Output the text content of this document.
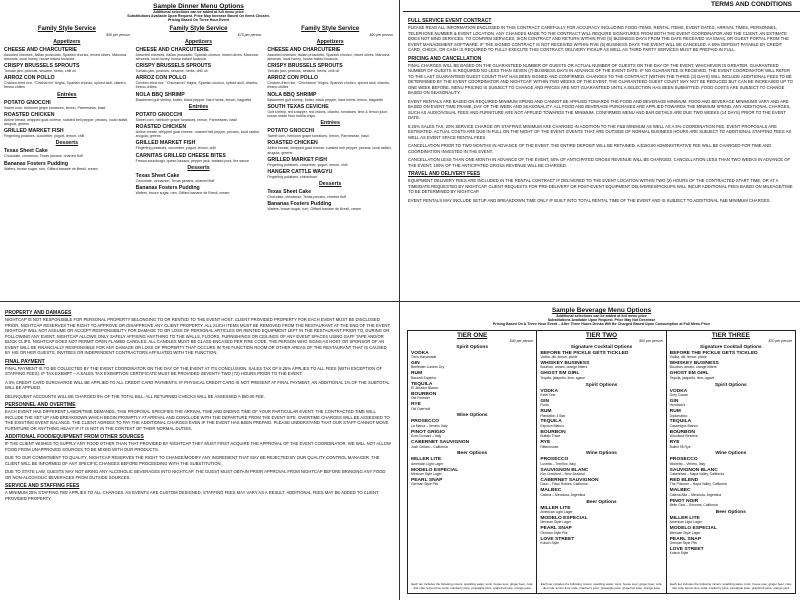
Sample Dinner Menu Options
Additional selections can be added at full menu price
Substitutions Available Upon Request. Price May Increase Based On Items Chosen.
Pricing Based On Three Hour Event
Family Style Service
$50 per person
Appetizers
CHEESE AND CHARCUTERIE
Assorted cheeses, Italian prosciutto, Spanish chorizo, mixed olives, Marcona almonds, local honey, house baked focaccia
CRISPY BRUSSELS SPROUTS
Tomato jam, peanuts, sesame, herbs, chili oil
ARROZ CON POLLO
Chicken-fried rice, "Chicharron" thighs, Spanish chorizo, spiced aioli, cilantro, fresno chilies
Entrées
POTATO GNOCCHI
Sweet corn, heirloom grape tomatoes, lemon, Parmesean, basil
ROASTED CHICKEN
Airline breast, whipped goat cheese, roasted bell pepper, pecans, local radish, arugula, greens
GRILLED MARKET FISH
Fingerling potatoes, cucumber, yogurt, lemon, chili
Desserts
Texas Sheet Cake
Chocolate, cinnamon, Texas pecans, charred fluff
Bananas Fosters Pudding
Wafers, brown sugar, rum, Giffard banane de Bresil, cream
Family Style Service
$75 per person
Appetizers
CHEESE AND CHARCUTERIE
Assorted cheeses, Italian prosciutto, Spanish chorizo, mixed olives, Marcona almonds, local honey, house baked focaccia
CRISPY BRUSSELS SPROUTS
Tomato jam, peanuts, sesame, herbs, chili oil
ARROZ CON POLLO
Chicken-fried rice, "Chicharron" thighs, Spanish chorizo, spiced aioli, cilantro, fresno chilies
NOLA BBQ SHRIMP
Blackened gulf shrimp, butter, black pepper, hard herbs, lemon, baguette
Entrées
POTATO GNOCCHI
Sweet corn, heirloom grape tomatoes, lemon, Parmesean, basil
ROASTED CHICKEN
Airline breast, whipped goat cheese, roasted bell pepper, pecans, local radish, arugula, greens
GRILLED MARKET FISH
Fingerling potatoes, cucumber, yogurt, lemon, chili
CARNITAS GRILLED CHEESE BITES
Fresca sourdough, queso oaxaca, pepper jack, braised pork, fire sauce
Desserts
Texas Sheet Cake
Chocolate, cinnamon, Texas pecans, charred fluff
Bananas Fosters Pudding
Wafers, brown sugar, rum, Giffard banane de Bresil, cream
Family Style Service
$90 per person
Appetizers
CHEESE AND CHARCUTERIE
Assorted cheeses, Italian prosciutto, Spanish chorizo, mixed olives, Marcona almonds, local honey, house baked focaccia
CRISPY BRUSSELS SPROUTS
Tomato jam, peanuts, sesame, herbs, chili oil
ARROZ CON POLLO
Chicken-fried rice, "Chicharron" thighs, Spanish chorizo, spiced aioli, cilantro, fresno chilies
NOLA BBQ SHRIMP
Blackened gulf shrimp, butter, black pepper, hard herbs, lemon, baguette
SOUTH TEXAS CEVICHE
Gulf shrimp, red snapper, red onions, cilantro, tomatoes, lime & lemon juice, house made flour tortilla chips
Entrées
POTATO GNOCCHI
Sweet corn, heirloom grape tomatoes, lemon, Parmesean, basil
ROASTED CHICKEN
Airline breast, whipped goat cheese, roasted bell pepper, pecans, local radish, arugula, greens
GRILLED MARKET FISH
Fingerling potatoes, cucumber, yogurt, lemon, chili
HANGER CATTLE WAGYU
Fingerling potatoes, chimichurri
Desserts
Texas Sheet Cake
Chocolate, cinnamon, Texas pecans, charred fluff
Bananas Fosters Pudding
Wafers, brown sugar, rum, Giffard banane de Bresil, cream
TERMS AND CONDITIONS
FULL SERVICE EVENT CONTRACT

PLEASE READ ALL INFORMATION ENCLOSED IN THIS CONTRACT CAREFULLY FOR ACCURACY INCLUDING FOOD ITEMS, RENTAL ITEMS, EVENT DATES, ARRIVAL TIMES, PERSONNEL, TELEPHONE NUMBER & EVENT LOCATION. ANY CHANGES MADE TO THE CONTRACT WILL REQUIRE SIGNATURES FROM BOTH THE EVENT COORDINATOR AND THE CLIENT. AN ESTIMATE DOES NOT BIND SERVICES. TO CONFIRM SERVICES, SIGN CONTRACT AND RETURN WITHIN FIVE (5) BUSINESS DAYS FROM THE DATE RECEIVED VIA EMAIL OR GUEST PORTAL FROM THE EVENT MANAGEMENT SOFTWARE. IF THE SIGNED CONTRACT IS NOT RECEIVED WITHIN FIVE (5) BUSINESS DAYS THE EVENT WILL BE CANCELED. A 50% DEPOSIT PAYABLE BY CREDIT CARD, CHECK, OR CASH IS REQUIRED TO FULLY EXECUTE THIS CONTRACT. DELIVERY PICKUP AS WELL AS THIRD PARTY SERVICES MUST BE PREPAID IN FULL.

PRICING AND CANCELLATION

FINAL CHARGES WILL BE BASED ON THE GUARANTEED NUMBER OF GUESTS OR ACTUAL NUMBER OF GUESTS ON THE DAY OF THE EVENT, WHICHEVER IS GREATER. GUARANTEED NUMBER OF GUESTS IS REQUIRED NO LESS THAN SEVEN (7) BUSINESS DAYS IN ADVANCE OF THE EVENT DATE. IF NO GUARANTEE IS RECEIVED, THE EVENT COORDINATOR WILL REFER TO THE LAST GUARANTEED GUEST COUNT THAT HAS BEEN SIGNED AND CONFIRMED. CHANGES TO THE CONTRACT (WITHIN THE THREE (3) DAYS) WILL INCLUDE ADDITIONAL FEES TO BE DETERMINED BY THE EVENT COORDINATOR AND NIGHTCAP. WITHIN TWO WEEKS OF THE EVENT, THE GUARANTEED GUEST COUNT MAY NOT BE REDUCED BUT CAN BE INCREASED UP TO ONE WEEK BEFORE. MENU PRICING IS SUBJECT TO CHANGE AND PRICES ARE NOT GUARANTEED UNTIL A SELECTION HAS BEEN SUBMITTED. FOOD COSTS ARE SUBJECT TO CHANGE BASED ON SEASONALITY.

EVENT RENTALS ARE BASED ON REQUIRED MINIMUM SPEND AND CANNOT BE APPLIED TOWARDS THE FOOD AND BEVERAGE MINIMUM. FOOD AND BEVERAGE MINIMUMS VARY AND ARE BASED ON EVENT TIME FRAME, DAY OF THE WEEK AND SEASONALITY. ALL FOOD AND BEVERAGE PURCHASES ARE APPLIED TOWARDS THE MINIMUM SPEND. ANY ADDITIONAL CHARGES, SUCH AS AUDIO/VISUAL FEES AND FURNITURE ARE NOT APPLIED TOWARDS THE MINIMUM. CONFIRMED MENU AND BAR DETAILS ARE DUE TWO WEEKS (14 DAYS) PRIOR TO THE EVENT DATE.

8.25% SALES TAX, 20% SERVICE CHARGE OR STAFFING MINIMUM ARE CHARGED IN ADDITION TO THE F&B MINIMUM AS WELL AS A 5% COORDINATION FEE. EVENT PROPOSALS ARE ESTIMATED. ACTUAL COSTS ARE DUE IN FULL ON THE NIGHT OF THE EVENT. EVENTS THAT ARE OUTSIDE OF NORMAL BUSINESS HOURS ARE SUBJECT TO ADDITIONAL STAFFING FEES AS WELL AS EVENT SPACE RENTAL FEES.

CANCELLATION PRIOR TO TWO MONTHS IN ADVANCE OF THE EVENT, THE ENTIRE DEPOSIT WILL BE RETAINED. A $150.00 ADMINISTRATIVE FEE WILL BE CHARGED FOR TIME AND COORDINATION INVESTED IN THE EVENT.

CANCELLATION LESS THAN ONE MONTH IN ADVANCE OF THE EVENT, 50% OF ANTICIPATED GROSS REVENUE WILL BE CHARGED. CANCELLATION LESS THAN TWO WEEKS IN ADVANCE OF THE EVENT, 100% OF THE ANTICIPATED GROSS REVENUE WILL BE CHARGED.

TRAVEL AND DELIVERY FEES

EQUIPMENT DELIVERY FEES ARE INCLUDED IN THE RENTAL CONTRACT IF DELIVERED TO THE EVENT LOCATION WITHIN TWO (2) HOURS OF THE CONTRACTED START TIME, OR AT A TIME/DATE REQUESTED BY NIGHTCAP. CLIENT REQUESTS FOR PRE-DELIVERY OR POST-EVENT EQUIPMENT DELIVERIES/PICKUPS WILL INCUR ADDITIONAL FEES BASED ON MILEAGE/TIME TO BE DETERMINED BY NIGHTCAP.

EVENT RENTALS MAY INCLUDE SETUP AND BREAKDOWN TIME ONLY IF BUILT INTO TOTAL RENTAL TIME OF THE EVENT AND IS SUBJECT TO ADDITIONAL F&B MINIMUM CHARGES.

PROPERTY AND DAMAGES

NIGHTCAP IS NOT RESPONSIBLE FOR PERSONAL PROPERTY BELONGING TO OR RENTED TO THE EVENT HOST. CLIENT PROVIDED PROPERTY FOR EACH EVENT MUST BE DISCLOSED PRIOR. NIGHTCAP RESERVES THE RIGHT TO APPROVE OR DISAPPROVE ANY CLIENT PROPERTY. ALL SUCH ITEMS MUST BE REMOVED FROM THE RESTAURANT AT THE END OF THE EVENT. NIGHTCAP WILL NOT ASSUME OR ACCEPT RESPONSIBILITY FOR DAMAGE TO OR LOSS OF PERSONAL ARTICLES OR RENTED EQUIPMENT LEFT IN THE RESTAURANT PRIOR TO, DURING OR FOLLOWING ANY EVENT. NIGHTCAP ALLOWS ONLY SAFELY AFFIXING ANYTHING TO THE WALLS, FLOORS, FURNISHINGS OR CEILINGS OF ANY EVENT SPACES USING GAFF TAPE AND/OR BLICK CLIPS. NIGHTCAP DOES NOT PERMIT OPEN FLAMED CANDLES. ALL CANDLES MUST BE GLASS ENCASED PER FIRE CODE. THE PERSON WHO SIGNS AS HOST OR SPONSOR OF AN EVENT WILL BE FINANCIALLY RESPONSIBLE FOR ANY DAMAGE OR LOSS OF PROPERTY THAT OCCURS IN THE FUNCTION ROOM OR OTHER AREAS OF THE RESTAURANT THAT IS CAUSED BY HIS OR HER GUESTS, INVITEES OR INDEPENDENT CONTRACTORS AFFILIATED WITH THE FUNCTION.

FINAL PAYMENT

FINAL PAYMENT IS TO BE COLLECTED BY THE EVENT COORDINATOR ON THE DAY OF THE EVENT AT ITS CONCLUSION. SALES TAX OF 8.25% APPLIES TO ALL FEES (WITH EXCEPTION OF STAFFING FEES). IF TAX EXEMPT – A SALES TAX EXEMPTION CERTIFICATE MUST BE PROVIDED SEVENTY TWO (72) HOURS PRIOR TO THE EVENT.

A 3% CREDIT CARD SURCHARGE WILL BE APPLIED TO ALL CREDIT CARD PAYMENTS. IF PHYSICAL CREDIT CARD IS NOT PRESENT AT FINAL PAYMENT, AN ADDITIONAL 1% OF THE SUBTOTAL WILL BE APPLIED.

DELINQUENT ACCOUNTS WILL BE CHARGED 5% OF THE TOTAL BILL. ALL RETURNED CHECKS WILL BE ASSESSED A $50.00 FEE.

PERSONNEL AND OVERTIME

EACH EVENT HAS DIFFERENT LABOR/TIME DEMANDS. THIS PROPOSAL SPECIFIES THE ARRIVAL TIME AND ENDING TIME OF YOUR PARTICULAR EVENT. THE CONTRACTED TIME WILL INCLUDE THE SET UP AND BREAKDOWN WHICH BEGIN PROMPTLY AT ARRIVAL AND CONCLUDE WITH THE DEPARTURE FROM THE EVENT SITE. OVERTIME CHARGES WILL BE ASSESSED TO THE EXISTING EVENT BALANCE. THE CLIENT AGREES TO PAY THE ADDITIONAL CHARGES EVEN IF THE EVENT HAS BEEN PREPAID. PLEASE UNDERSTAND THAT OUR STAFF CANNOT MOVE FURNITURE OR ANYTHING HEAVY IF IT IS NOT IN THE CONTEXT OF THEIR NORMAL DUTIES.

ADDITIONAL FOOD/EQUIPMENT FROM OTHER SOURCES

IF THE CLIENT WISHES TO SUPPLY ANY FOOD OTHER THAN THAT PROVIDED BY NIGHTCAP THEY MUST FIRST ACQUIRE THE APPROVAL OF THE EVENT COORDINATOR. WE WILL NOT ALLOW FOOD FROM UNAPPROVED SOURCES TO BE MIXED WITH OUR PRODUCTS.

DUE TO OUR COMMITMENT TO QUALITY, NIGHTCAP RESERVES THE RIGHT TO CHANGE/MODIFY ANY INGREDIENT THAT MAY BE REJECTED BY OUR QUALITY CONTROL MANAGER. THE CLIENT WILL BE INFORMED OF ANY SPECIFIC CHANGES BEFORE PROCEEDING WITH THE SUBSTITUTION.

DUE TO STATE LAW, GUESTS MAY NOT BRING ANY ALCOHOLIC BEVERAGES INTO NIGHTCAP. THE GUEST MUST OBTAIN PRIOR APPROVAL FROM NIGHTCAP BEFORE BRINGING ANY FOOD OR NON-ALCOHOLIC BEVERAGES FROM OUTSIDE SOURCES.

SERVICE AND STAFFING FEES

A MINIMUM 25% STAFFING FEE APPLIES TO ALL CHARGES. AS EVENTS ARE CUSTOM DESIGNED, STAFFING FEES MAY VARY AS A RESULT. ADDITIONAL FEES MAY BE ADDED TO CLIENT PROVIDED PROPERTY.

Sample Beverage Menu Options
Additional selections can be added at full menu price
Substitutions Available Upon Request. Price May Not Decrease
Pricing Based On A Three Hour Event – After Three Hours Drinks Will Be Charged Based Upon Consumption at Full Menu Price
TIER ONE
$40 per person
Spirit Options
VODKA
Tito's Handmade
GIN
Beefeater London Dry
RUM
Bacardi Superior
TEQUILA
El Jimador Blanco
BOURBON
Old Forester
RYE
Old Overholt
Wine Options
PROSECCO
La Marca – Veneto, Italy
PINOT GRIGIO
Ecco Domani – Italy
CABERNET SAUVIGNON
Josh Cellars – California
Beer Options
MILLER LITE
American Light Lager
MODELO ESPECIAL
Mexican Style Lager
PEARL SNAP
German Style Pils
Each tier includes the following mixers: sparkling water, tonic, house sour, ginger beer, cola, diet cola, lemon-lime soda, cranberry juice, pineapple juice, grapefruit juice, orange juice
TIER TWO
$60 per person
Signature Cocktail Options
BEFORE THE PICKLE GETS TICKLED
Vodka, dill, lemon, pickle
WHISKEY BUSINESS
Bourbon, amaro, orange bitters
GHOST EM GIRL
Tequila, jalapeño, lime, agave
Spirit Options
VODKA
Ketel One
GIN
Fords
RUM
Plantation 3 Star
TEQUILA
Espolon Blanco
BOURBON
Buffalo Trace
RYE
Rittenhouse
Wine Options
PROSECCO
Lunetta – Trentino, Italy
SAUVIGNON BLANC
Kim Crawford – New Zealand
CABERNET SAUVIGNON
Daou – Paso Robles, California
MALBEC
Catena – Mendoza, Argentina
Beer Options
MILLER LITE
American Light Lager
MODELO ESPECIAL
Mexican Style Lager
PEARL SNAP
German Style Pils
LOVE STREET
Kolsch Style
Each tier includes the following mixers: sparkling water, tonic, house sour, ginger beer, cola, diet cola, lemon-lime soda, cranberry juice, pineapple juice, grapefruit juice, orange juice
TIER THREE
$70 per person
Signature Cocktail Options
BEFORE THE PICKLE GETS TICKLED
Vodka, dill, lemon, pickle
WHISKEY BUSINESS
Bourbon, amaro, orange bitters
GHOST EM GIRL
Tequila, jalapeño, lime, agave
Spirit Options
VODKA
Grey Goose
GIN
Hendrick's
RUM
Diplomatico
TEQUILA
Casamigos Blanco
BOURBON
Woodford Reserve
RYE
Bulleit 95 Rye
Wine Options
PROSECCO
Mionetto – Veneto, Italy
SAUVIGNON BLANC
Cakebread – Napa Valley, California
RED BLEND
The Prisoner – Napa Valley, California
MALBEC
Catena Alta – Mendoza, Argentina
PINOT NOIR
Belle Glos – Sonoma, California
Beer Options
MILLER LITE
American Light Lager
MODELO ESPECIAL
Mexican Style Lager
PEARL SNAP
German Style Pils
LOVE STREET
Kolsch Style
Each tier includes the following mixers: sparkling water, tonic, house sour, ginger beer, cola, diet cola, lemon-lime soda, cranberry juice, pineapple juice, grapefruit juice, orange juice
